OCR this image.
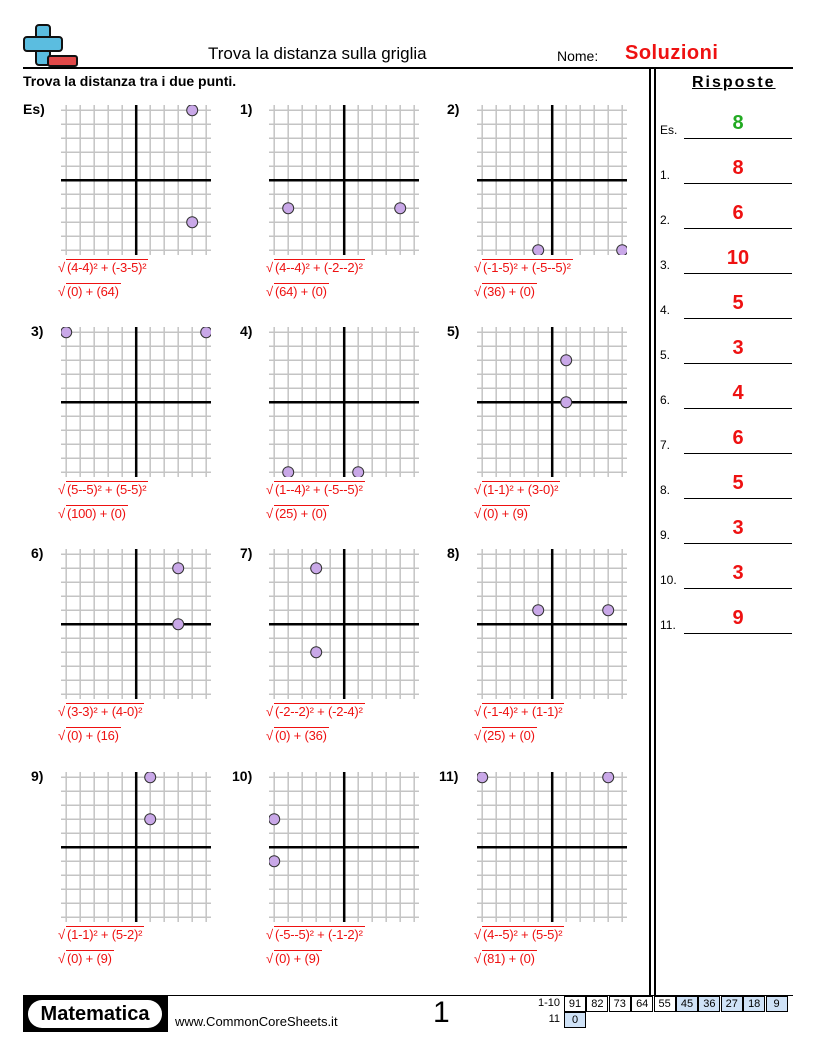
Trova la distanza sulla griglia	Nome: Soluzioni
Trova la distanza tra i due punti.	Risposte
Es.	8
1.	8
2.	6
3.	10
4.	5
5.	3
6.	4
7.	6
8.	5
9.	3
10.	3
11.	9
Es)
√ (4-4)² + (-3-5)²
√ (0) + (64)
1)
√ (4--4)² + (-2--2)²
√ (64) + (0)
2)
√ (-1-5)² + (-5--5)²
√ (36) + (0)
3)
√ (5--5)² + (5-5)²
√ (100) + (0)
4)
√ (1--4)² + (-5--5)²
√ (25) + (0)
5)
√ (1-1)² + (3-0)²
√ (0) + (9)
6)
√ (3-3)² + (4-0)²
√ (0) + (16)
7)
√ (-2--2)² + (-2-4)²
√ (0) + (36)
8)
√ (-1-4)² + (1-1)²
√ (25) + (0)
9)
√ (1-1)² + (5-2)²
√ (0) + (9)
10)
√ (-5--5)² + (-1-2)²
√ (0) + (9)
11)
√ (4--5)² + (5-5)²
√ (81) + (0)
Matematica	www.CommonCoreSheets.it	1	1-10 91 82 73 64 55 45 36 27 18	9
11	0
